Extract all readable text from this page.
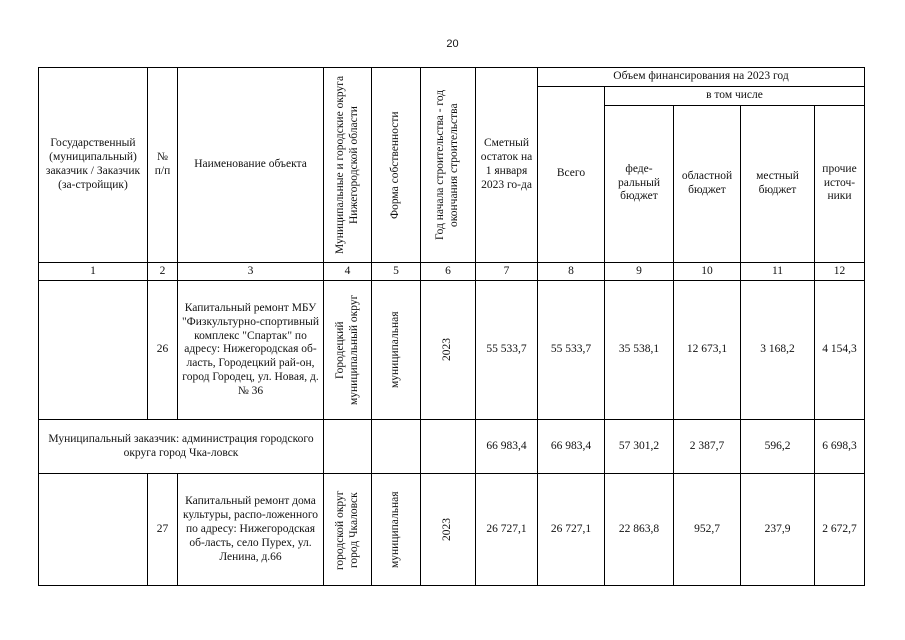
20
Государственный (муниципальный) заказчик / Заказчик (за-стройщик)	№ п/п	Наименование объекта	Муниципальные и городские округа Нижегородской области	Форма собственности	Год начала строительства - год окончания строительства	Сметный остаток на 1 января 2023 го-да	Объем финансирования на 2023 год				
							Всего	в том числе			
								феде-ральный бюджет	областной бюджет	местный бюджет	прочие источ-ники
1	2	3	4	5	6	7	8	9	10	11	12
	26	Капитальный ремонт МБУ "Физкультурно-спортивный комплекс "Спартак" по адресу: Нижегородская об-ласть, Городецкий рай-он, город Городец, ул. Новая, д. № 36	Городецкий муниципальный округ	муниципальная	2023	55 533,7	55 533,7	35 538,1	12 673,1	3 168,2	4 154,3
Муниципальный заказчик: администрация городского округа город Чка-ловск						66 983,4	66 983,4	57 301,2	2 387,7	596,2	6 698,3
	27	Капитальный ремонт дома культуры, распо-ложенного по адресу: Нижегородская об-ласть, село Пурех, ул. Ленина, д.66	городской округ город Чкаловск	муниципальная	2023	26 727,1	26 727,1	22 863,8	952,7	237,9	2 672,7
